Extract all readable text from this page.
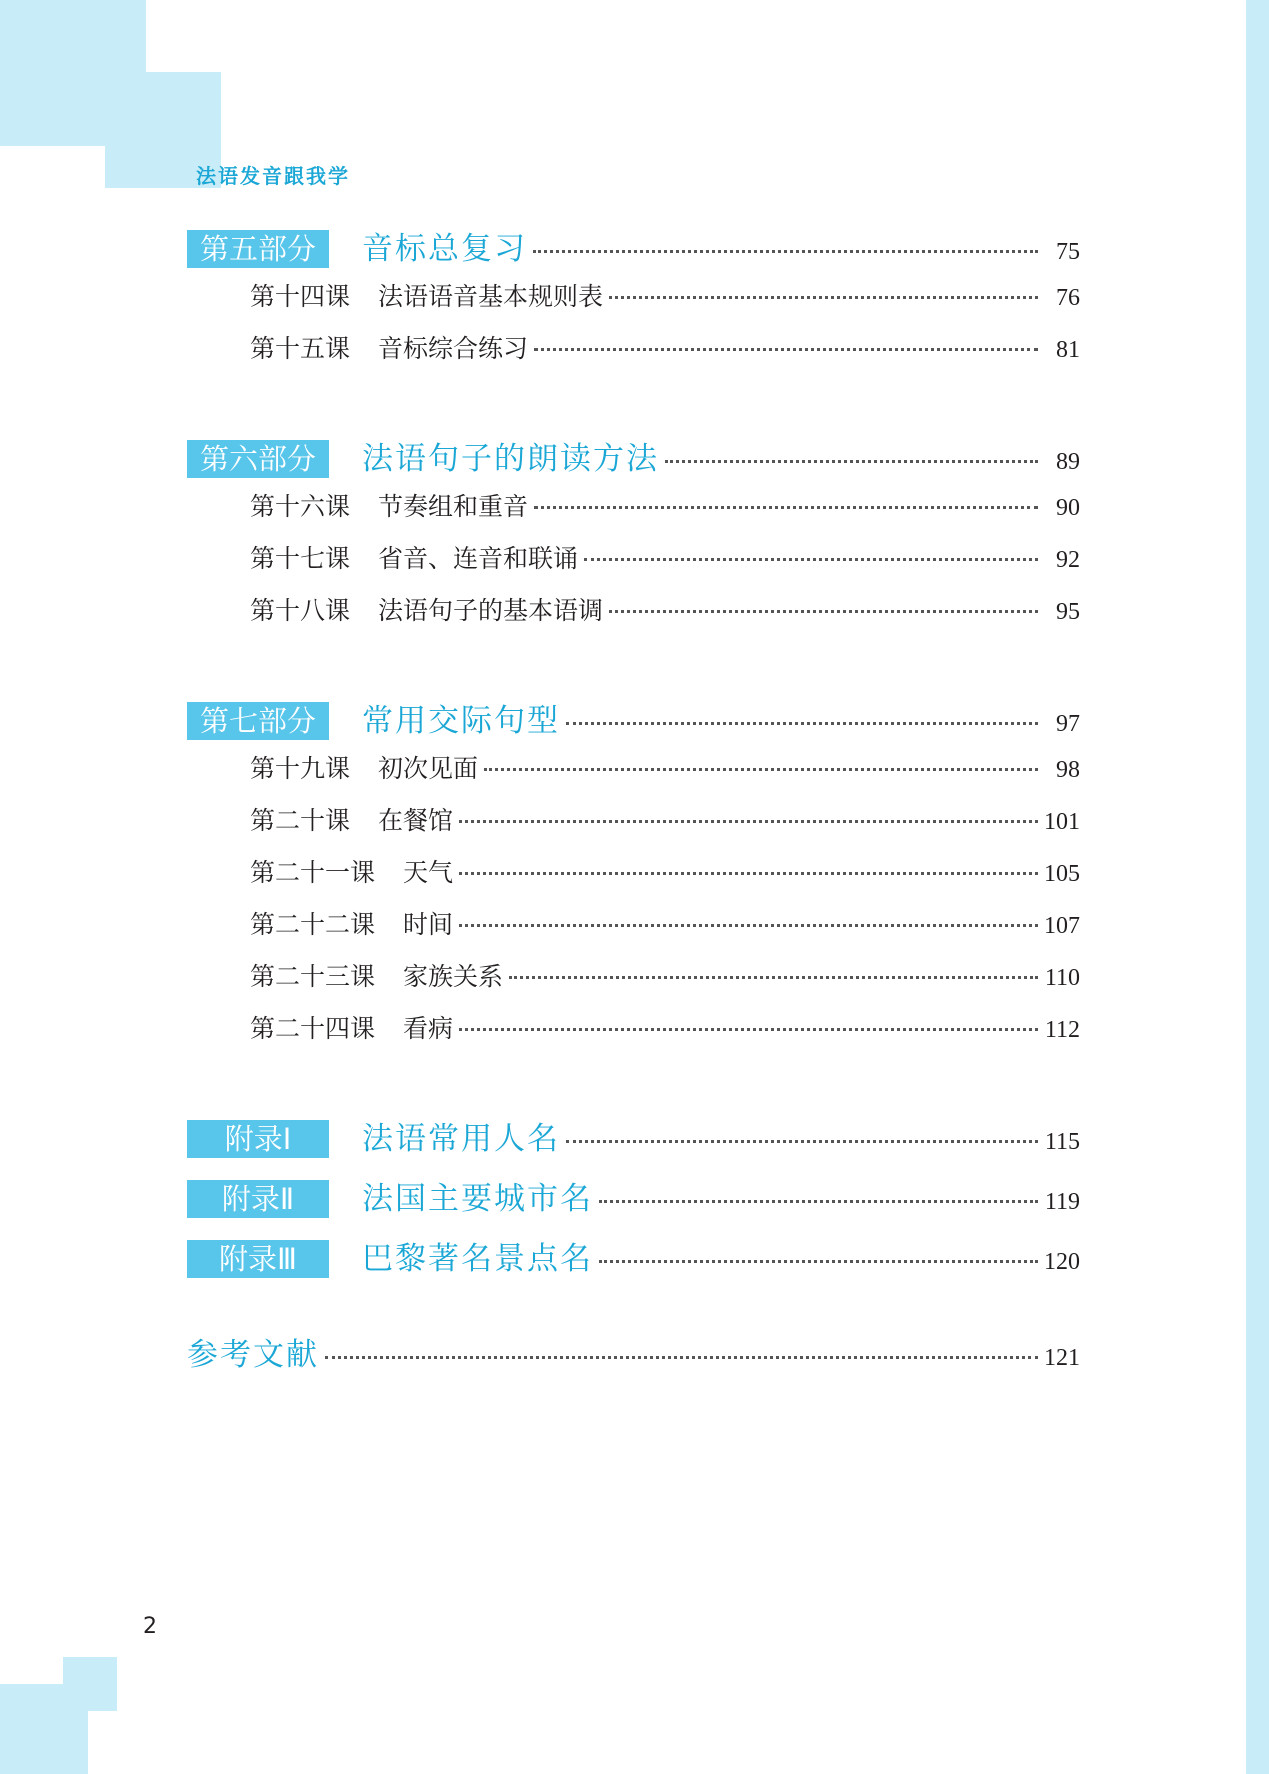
法语发音跟我学
第五部分	音标总复习	75
第十四课 法语语音基本规则表	76
第十五课 音标综合练习	81
第六部分	法语句子的朗读方法	89
第十六课 节奏组和重音	90
第十七课 省音、连音和联诵	92
第十八课 法语句子的基本语调	95
第七部分	常用交际句型	97
第十九课 初次见面	98
第二十课 在餐馆	101
第二十一课 天气	105
第二十二课 时间	107
第二十三课 家族关系	110
第二十四课 看病	112
附录Ⅰ	法语常用人名	115
附录Ⅱ	法国主要城市名	119
附录Ⅲ	巴黎著名景点名	120
参考文献	121
2
